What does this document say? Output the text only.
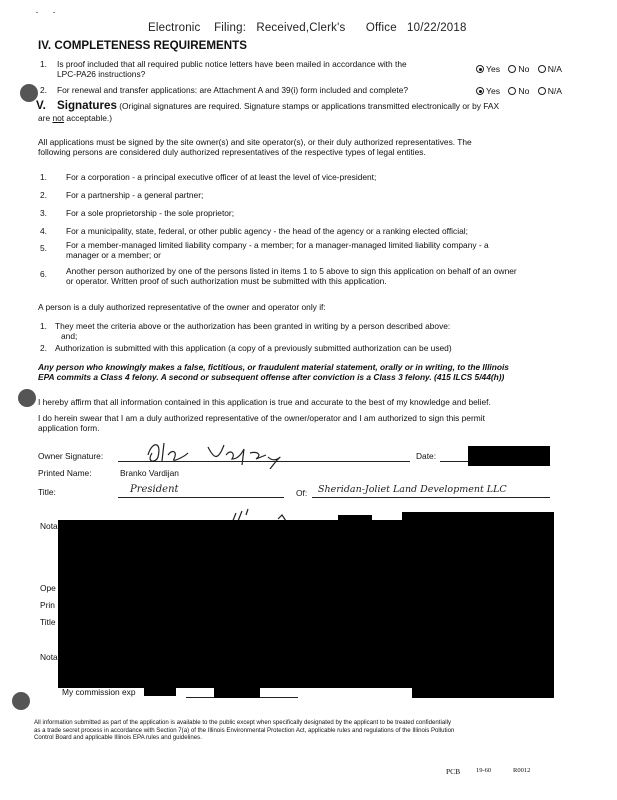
˜        ˜
Electronic    Filing:   Received,Clerk's      Office   10/22/2018
IV. COMPLETENESS REQUIREMENTS
1. Is proof included that all required public notice letters have been mailed in accordance with the
LPC-PA26 instructions?	Yes No N/A
2. For renewal and transfer applications: are Attachment A and 39(i) form included and complete?	Yes No N/A
V. Signatures (Original signatures are required. Signature stamps or applications transmitted electronically or by FAX
are not acceptable.)
All applications must be signed by the site owner(s) and site operator(s), or their duly authorized representatives. The
following persons are considered duly authorized representatives of the respective types of legal entities.
1. For a corporation - a principal executive officer of at least the level of vice-president;
2. For a partnership - a general partner;
3. For a sole proprietorship - the sole proprietor;
4. For a municipality, state, federal, or other public agency - the head of the agency or a ranking elected official;
5. For a member-managed limited liability company - a member; for a manager-managed limited liability company - a
manager or a member; or
6. Another person authorized by one of the persons listed in items 1 to 5 above to sign this application on behalf of an owner
or operator. Written proof of such authorization must be submitted with this application.
A person is a duly authorized representative of the owner and operator only if:
1. They meet the criteria above or the authorization has been granted in writing by a person described above:
and;
2. Authorization is submitted with this application (a copy of a previously submitted authorization can be used)
Any person who knowingly makes a false, fictitious, or fraudulent material statement, orally or in writing, to the Illinois
EPA commits a Class 4 felony. A second or subsequent offense after conviction is a Class 3 felony. (415 ILCS 5/44(h))
I hereby affirm that all information contained in this application is true and accurate to the best of my knowledge and belief.
I do herein swear that I am a duly authorized representative of the owner/operator and I am authorized to sign this permit
application form.
Owner Signature:	Date:
Printed Name:	Branko Vardijan
Title:	President	Of: Sheridan-Joliet Land Development LLC
Nota
Ope
Prin
Title
Nota
My commission exp
All information submitted as part of the application is available to the public except when specifically designated by the applicant to be treated confidentially
as a trade secret process in accordance with Section 7(a) of the Illinois Environmental Protection Act, applicable rules and regulations of the Illinois Pollution
Control Board and applicable Illinois EPA rules and guidelines.
PCB 19-60	R0012
